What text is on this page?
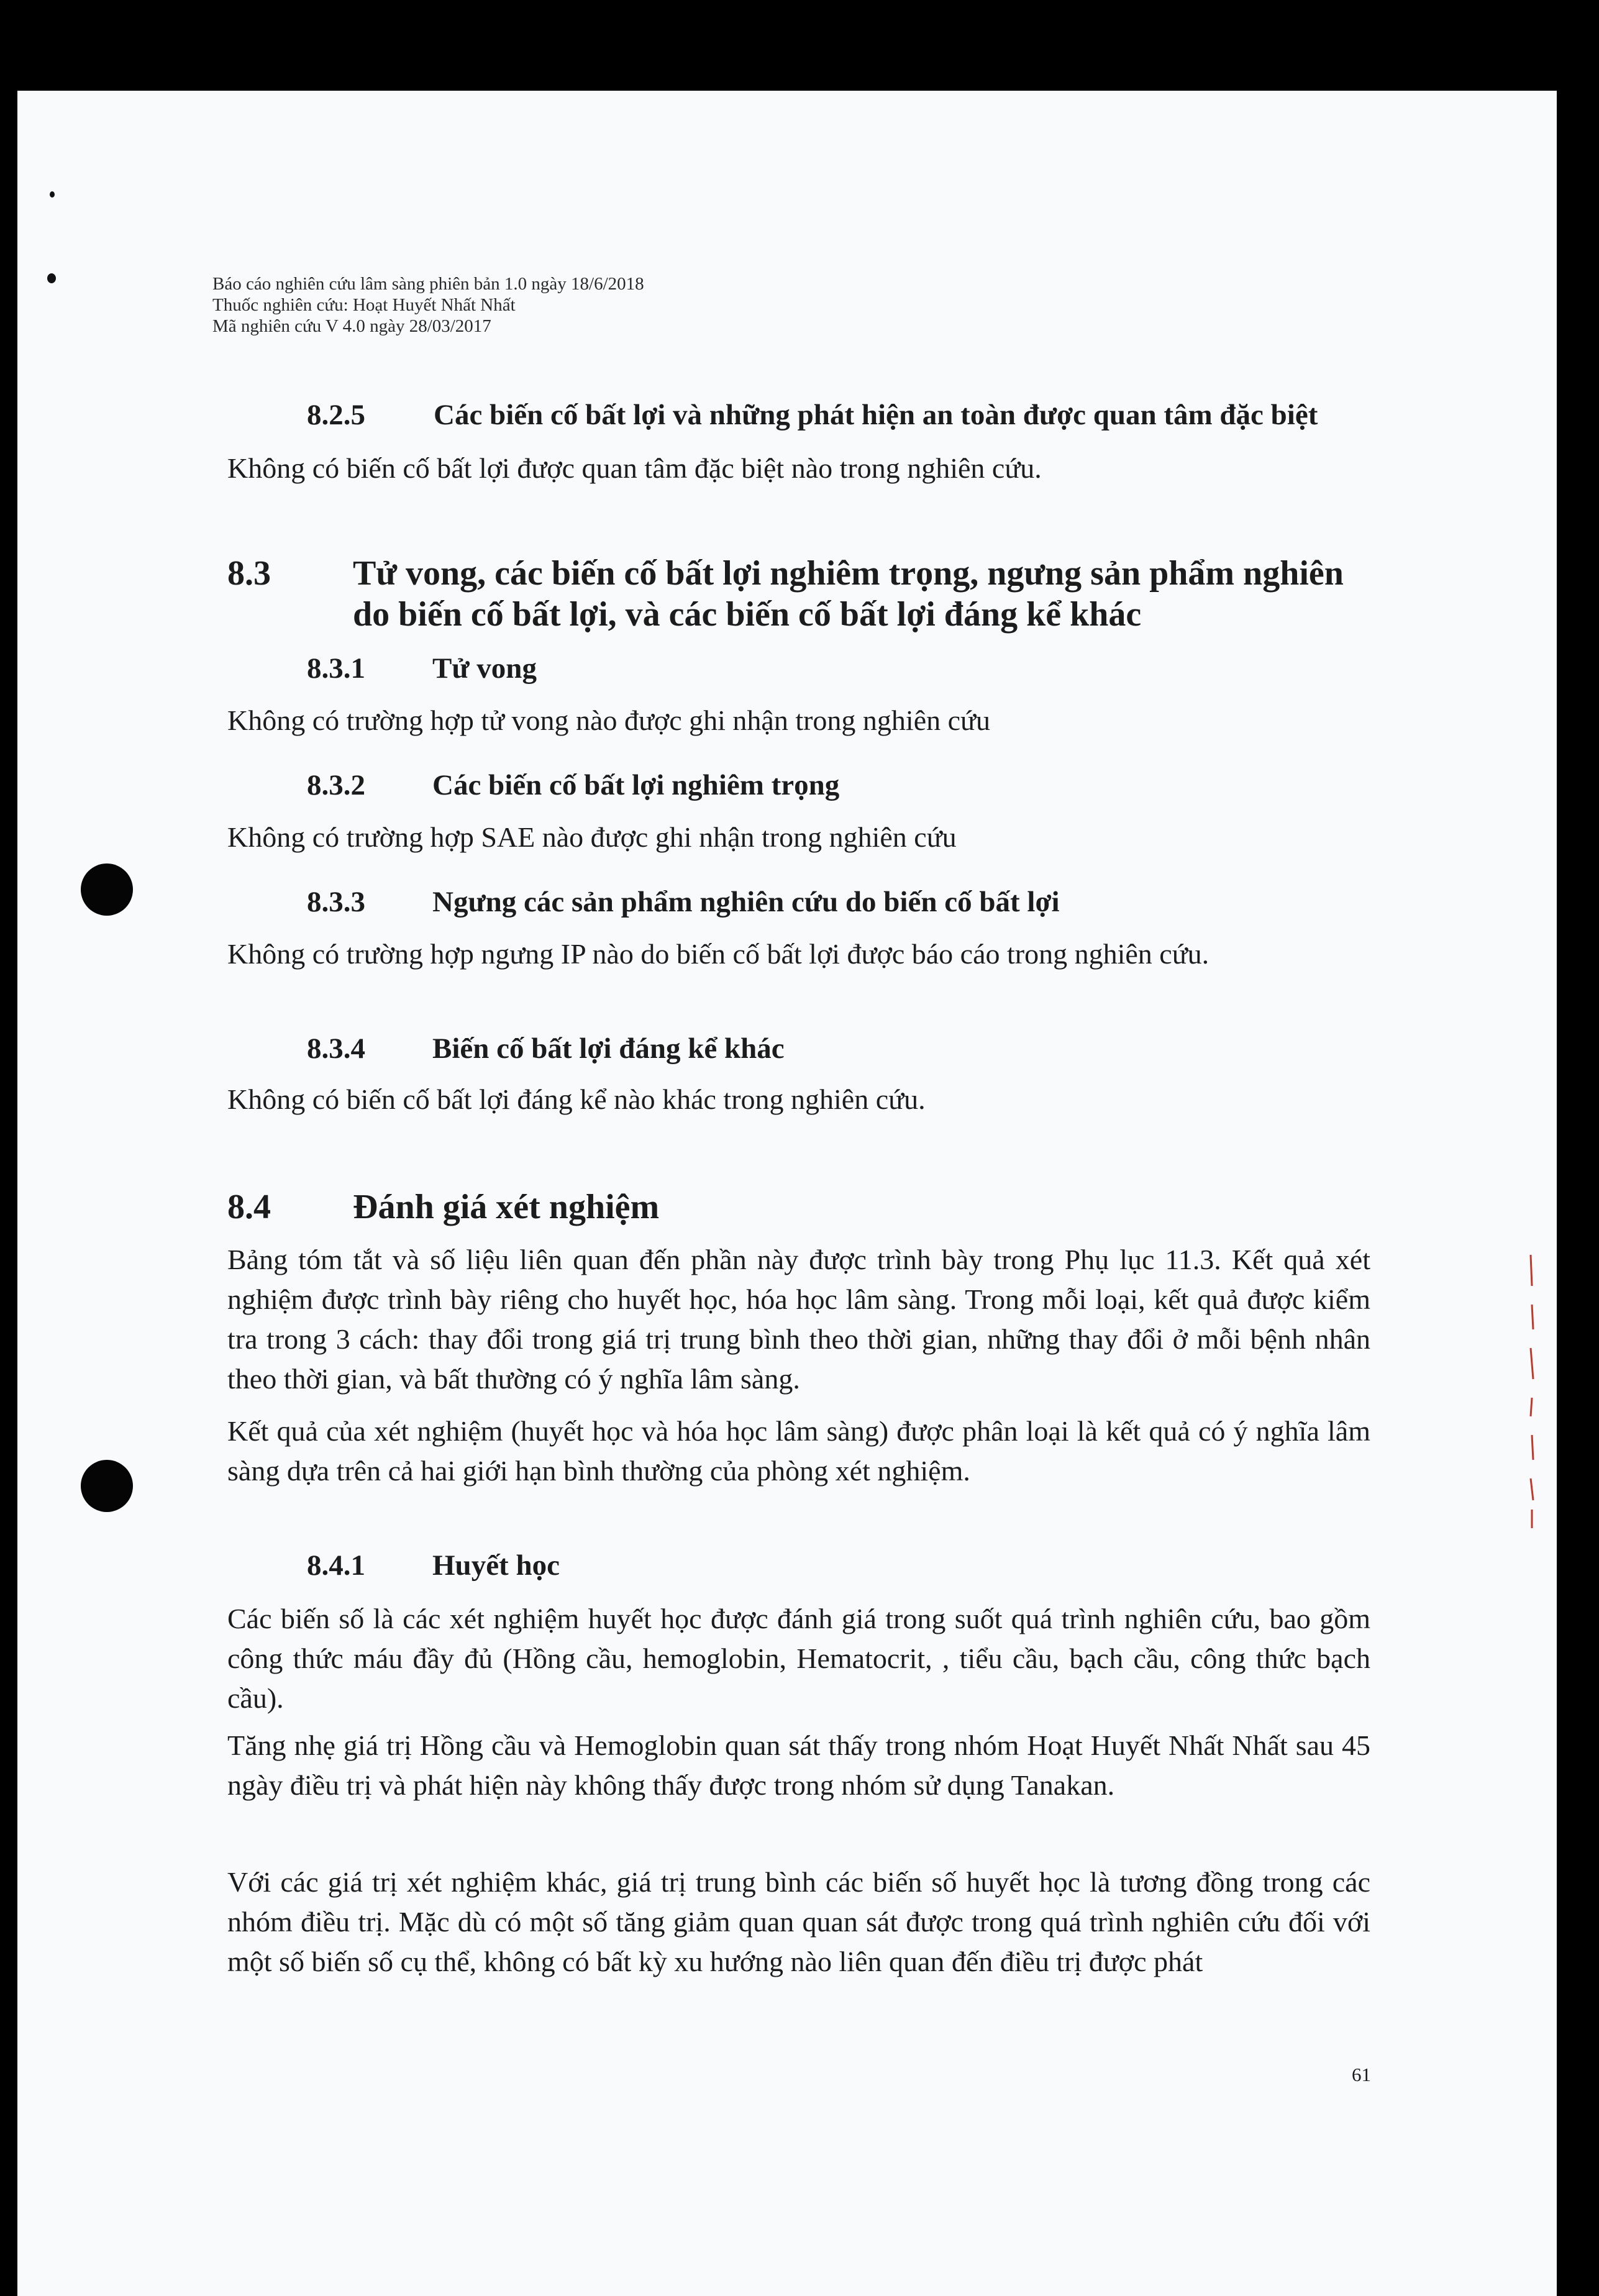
Báo cáo nghiên cứu lâm sàng phiên bản 1.0 ngày 18/6/2018
Thuốc nghiên cứu: Hoạt Huyết Nhất Nhất
Mã nghiên cứu V 4.0 ngày 28/03/2017
8.2.5 Các biến cố bất lợi và những phát hiện an toàn được quan tâm đặc biệt
Không có biến cố bất lợi được quan tâm đặc biệt nào trong nghiên cứu.
8.3 Tử vong, các biến cố bất lợi nghiêm trọng, ngưng sản phẩm nghiên
do biến cố bất lợi, và các biến cố bất lợi đáng kể khác
8.3.1 Tử vong
Không có trường hợp tử vong nào được ghi nhận trong nghiên cứu
8.3.2 Các biến cố bất lợi nghiêm trọng
Không có trường hợp SAE nào được ghi nhận trong nghiên cứu
8.3.3 Ngưng các sản phẩm nghiên cứu do biến cố bất lợi
Không có trường hợp ngưng IP nào do biến cố bất lợi được báo cáo trong nghiên cứu.
8.3.4 Biến cố bất lợi đáng kể khác
Không có biến cố bất lợi đáng kể nào khác trong nghiên cứu.
8.4 Đánh giá xét nghiệm
Bảng tóm tắt và số liệu liên quan đến phần này được trình bày trong Phụ lục 11.3. Kết quả xét nghiệm được trình bày riêng cho huyết học, hóa học lâm sàng. Trong mỗi loại, kết quả được kiểm tra trong 3 cách: thay đổi trong giá trị trung bình theo thời gian, những thay đổi ở mỗi bệnh nhân theo thời gian, và bất thường có ý nghĩa lâm sàng.
Kết quả của xét nghiệm (huyết học và hóa học lâm sàng) được phân loại là kết quả có ý nghĩa lâm sàng dựa trên cả hai giới hạn bình thường của phòng xét nghiệm.
8.4.1 Huyết học
Các biến số là các xét nghiệm huyết học được đánh giá trong suốt quá trình nghiên cứu, bao gồm công thức máu đầy đủ (Hồng cầu, hemoglobin, Hematocrit, , tiểu cầu, bạch cầu, công thức bạch cầu).
Tăng nhẹ giá trị Hồng cầu và Hemoglobin quan sát thấy trong nhóm Hoạt Huyết Nhất Nhất sau 45 ngày điều trị và phát hiện này không thấy được trong nhóm sử dụng Tanakan.
Với các giá trị xét nghiệm khác, giá trị trung bình các biến số huyết học là tương đồng trong các nhóm điều trị. Mặc dù có một số tăng giảm quan quan sát được trong quá trình nghiên cứu đối với một số biến số cụ thể, không có bất kỳ xu hướng nào liên quan đến điều trị được phát
61
